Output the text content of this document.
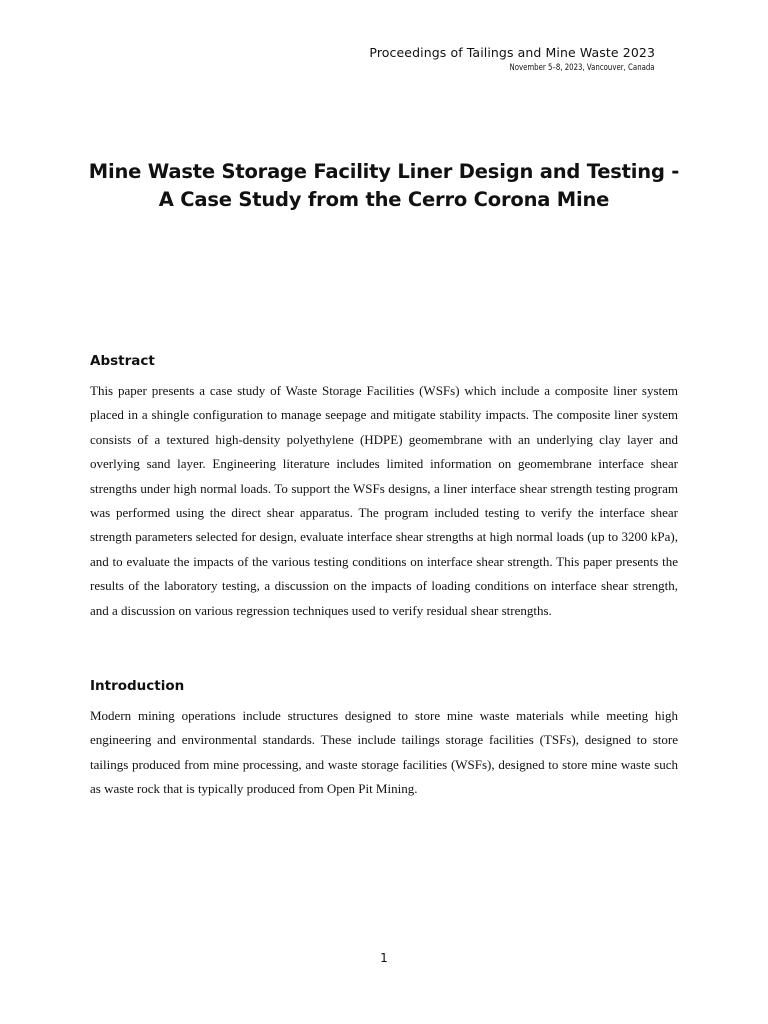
Proceedings of Tailings and Mine Waste 2023
November 5–8, 2023, Vancouver, Canada
Mine Waste Storage Facility Liner Design and Testing -
A Case Study from the Cerro Corona Mine
Abstract
This paper presents a case study of Waste Storage Facilities (WSFs) which include a composite liner system placed in a shingle configuration to manage seepage and mitigate stability impacts. The composite liner system consists of a textured high-density polyethylene (HDPE) geomembrane with an underlying clay layer and overlying sand layer. Engineering literature includes limited information on geomembrane interface shear strengths under high normal loads. To support the WSFs designs, a liner interface shear strength testing program was performed using the direct shear apparatus. The program included testing to verify the interface shear strength parameters selected for design, evaluate interface shear strengths at high normal loads (up to 3200 kPa), and to evaluate the impacts of the various testing conditions on interface shear strength. This paper presents the results of the laboratory testing, a discussion on the impacts of loading conditions on interface shear strength, and a discussion on various regression techniques used to verify residual shear strengths.
Introduction
Modern mining operations include structures designed to store mine waste materials while meeting high engineering and environmental standards. These include tailings storage facilities (TSFs), designed to store tailings produced from mine processing, and waste storage facilities (WSFs), designed to store mine waste such as waste rock that is typically produced from Open Pit Mining.
1
